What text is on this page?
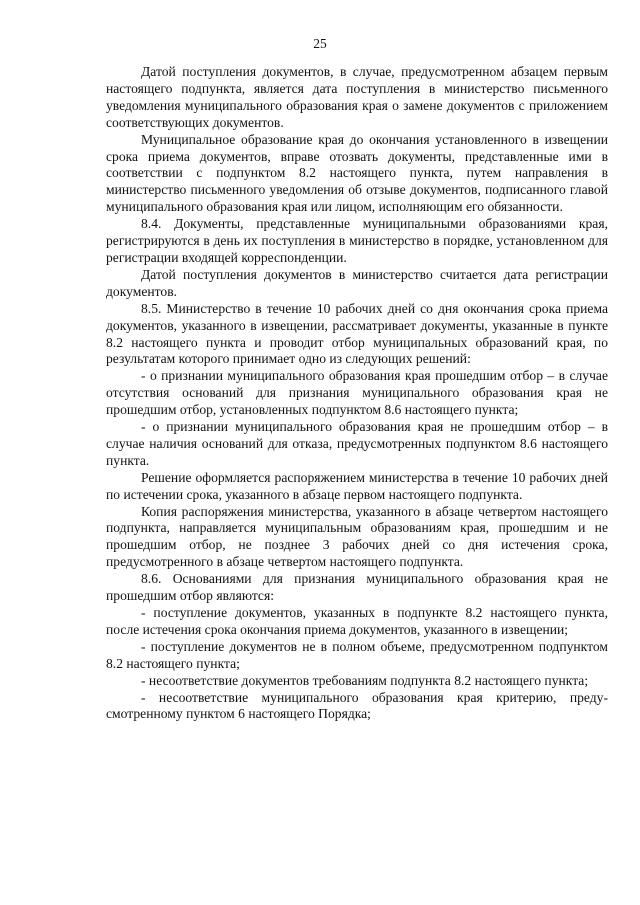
25

Датой поступления документов, в случае, предусмотренном абзацем первым настоящего подпункта, является дата поступления в министерство письменного уведомления муниципального образования края о замене документов с приложением соответствующих документов.

Муниципальное образование края до окончания установленного в извещении срока приема документов, вправе отозвать документы, представленные ими в соответствии с подпунктом 8.2 настоящего пункта, путем направления в министерство письменного уведомления об отзыве документов, подписанного главой муниципального образования края или лицом, исполняющим его обязанности.

8.4. Документы, представленные муниципальными образованиями края, регистрируются в день их поступления в министерство в порядке, установленном для регистрации входящей корреспонденции.

Датой поступления документов в министерство считается дата регистрации документов.

8.5. Министерство в течение 10 рабочих дней со дня окончания срока приема документов, указанного в извещении, рассматривает документы, указанные в пункте 8.2 настоящего пункта и проводит отбор муниципальных образований края, по результатам которого принимает одно из следующих решений:

- о признании муниципального образования края прошедшим отбор – в случае отсутствия оснований для признания муниципального образования края не прошедшим отбор, установленных подпунктом 8.6 настоящего пункта;

- о признании муниципального образования края не прошедшим отбор – в случае наличия оснований для отказа, предусмотренных подпунктом 8.6 настоящего пункта.

Решение оформляется распоряжением министерства в течение 10 рабочих дней по истечении срока, указанного в абзаце первом настоящего подпункта.

Копия распоряжения министерства, указанного в абзаце четвертом настоящего подпункта, направляется муниципальным образованиям края, прошедшим и не прошедшим отбор, не позднее 3 рабочих дней со дня истечения срока, предусмотренного в абзаце четвертом настоящего подпункта.

8.6. Основаниями для признания муниципального образования края не прошедшим отбор являются:

- поступление документов, указанных в подпункте 8.2 настоящего пункта, после истечения срока окончания приема документов, указанного в извещении;

- поступление документов не в полном объеме, предусмотренном подпунктом 8.2 настоящего пункта;

- несоответствие документов требованиям подпункта 8.2 настоящего пункта;

- несоответствие муниципального образования края критерию, предусмотренному пунктом 6 настоящего Порядка;
